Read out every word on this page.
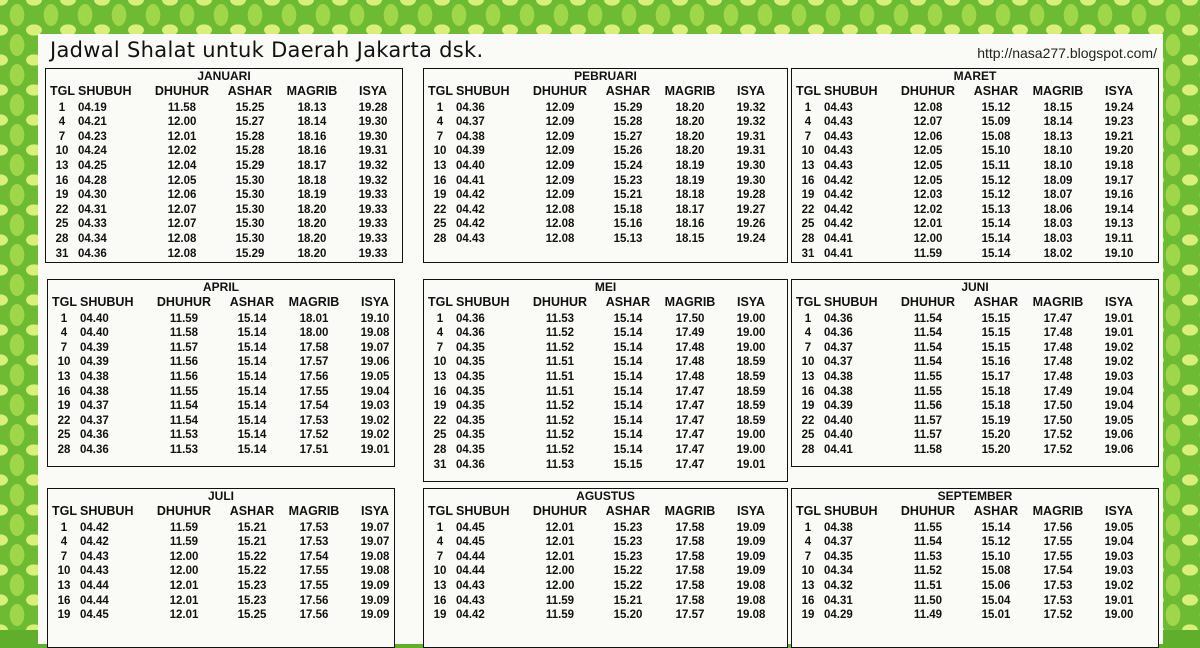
Jadwal Shalat untuk Daerah Jakarta dsk.	http://nasa277.blogspot.com/
JANUARI
TGL SHUBUH	DHUHUR	ASHAR	MAGRIB	ISYA
1	04.19	11.58	15.25	18.13	19.28
4	04.21	12.00	15.27	18.14	19.30
7	04.23	12.01	15.28	18.16	19.30
10 04.24	12.02	15.28	18.16	19.31
13 04.25	12.04	15.29	18.17	19.32
16 04.28	12.05	15.30	18.18	19.32
19 04.30	12.06	15.30	18.19	19.33
22 04.31	12.07	15.30	18.20	19.33
25 04.33	12.07	15.30	18.20	19.33
28 04.34	12.08	15.30	18.20	19.33
31 04.36	12.08	15.29	18.20	19.33
PEBRUARI
TGL SHUBUH	DHUHUR	ASHAR	MAGRIB	ISYA
1	04.36	12.09	15.29	18.20	19.32
4	04.37	12.09	15.28	18.20	19.32
7	04.38	12.09	15.27	18.20	19.31
10 04.39	12.09	15.26	18.20	19.31
13 04.40	12.09	15.24	18.19	19.30
16 04.41	12.09	15.23	18.19	19.30
19 04.42	12.09	15.21	18.18	19.28
22 04.42	12.08	15.18	18.17	19.27
25 04.42	12.08	15.16	18.16	19.26
28 04.43	12.08	15.13	18.15	19.24
MARET
TGL SHUBUH	DHUHUR	ASHAR	MAGRIB	ISYA
1	04.43	12.08	15.12	18.15	19.24
4	04.43	12.07	15.09	18.14	19.23
7	04.43	12.06	15.08	18.13	19.21
10 04.43	12.05	15.10	18.10	19.20
13 04.43	12.05	15.11	18.10	19.18
16 04.42	12.05	15.12	18.09	19.17
19 04.42	12.03	15.12	18.07	19.16
22 04.42	12.02	15.13	18.06	19.14
25 04.42	12.01	15.14	18.03	19.13
28 04.41	12.00	15.14	18.03	19.11
31 04.41	11.59	15.14	18.02	19.10
APRIL
TGL SHUBUH	DHUHUR	ASHAR	MAGRIB	ISYA
1	04.40	11.59	15.14	18.01	19.10
4	04.40	11.58	15.14	18.00	19.08
7	04.39	11.57	15.14	17.58	19.07
10 04.39	11.56	15.14	17.57	19.06
13 04.38	11.56	15.14	17.56	19.05
16 04.38	11.55	15.14	17.55	19.04
19 04.37	11.54	15.14	17.54	19.03
22 04.37	11.54	15.14	17.53	19.02
25 04.36	11.53	15.14	17.52	19.02
28 04.36	11.53	15.14	17.51	19.01
MEI
TGL SHUBUH	DHUHUR	ASHAR	MAGRIB	ISYA
1	04.36	11.53	15.14	17.50	19.00
4	04.36	11.52	15.14	17.49	19.00
7	04.35	11.52	15.14	17.48	19.00
10 04.35	11.51	15.14	17.48	18.59
13 04.35	11.51	15.14	17.48	18.59
16 04.35	11.51	15.14	17.47	18.59
19 04.35	11.52	15.14	17.47	18.59
22 04.35	11.52	15.14	17.47	18.59
25 04.35	11.52	15.14	17.47	19.00
28 04.35	11.52	15.14	17.47	19.00
31 04.36	11.53	15.15	17.47	19.01
JUNI
TGL SHUBUH	DHUHUR	ASHAR	MAGRIB	ISYA
1	04.36	11.54	15.15	17.47	19.01
4	04.36	11.54	15.15	17.48	19.01
7	04.37	11.54	15.15	17.48	19.02
10 04.37	11.54	15.16	17.48	19.02
13 04.38	11.55	15.17	17.48	19.03
16 04.38	11.55	15.18	17.49	19.04
19 04.39	11.56	15.18	17.50	19.04
22 04.40	11.57	15.19	17.50	19.05
25 04.40	11.57	15.20	17.52	19.06
28 04.41	11.58	15.20	17.52	19.06
JULI
TGL SHUBUH	DHUHUR	ASHAR	MAGRIB	ISYA
1	04.42	11.59	15.21	17.53	19.07
4	04.42	11.59	15.21	17.53	19.07
7	04.43	12.00	15.22	17.54	19.08
10 04.43	12.00	15.22	17.55	19.08
13 04.44	12.01	15.23	17.55	19.09
16 04.44	12.01	15.23	17.56	19.09
19 04.45	12.01	15.25	17.56	19.09
AGUSTUS
TGL SHUBUH	DHUHUR	ASHAR	MAGRIB	ISYA
1	04.45	12.01	15.23	17.58	19.09
4	04.45	12.01	15.23	17.58	19.09
7	04.44	12.01	15.23	17.58	19.09
10 04.44	12.00	15.22	17.58	19.09
13 04.43	12.00	15.22	17.58	19.08
16 04.43	11.59	15.21	17.58	19.08
19 04.42	11.59	15.20	17.57	19.08
SEPTEMBER
TGL SHUBUH	DHUHUR	ASHAR	MAGRIB	ISYA
1	04.38	11.55	15.14	17.56	19.05
4	04.37	11.54	15.12	17.55	19.04
7	04.35	11.53	15.10	17.55	19.03
10 04.34	11.52	15.08	17.54	19.03
13 04.32	11.51	15.06	17.53	19.02
16 04.31	11.50	15.04	17.53	19.01
19 04.29	11.49	15.01	17.52	19.00
